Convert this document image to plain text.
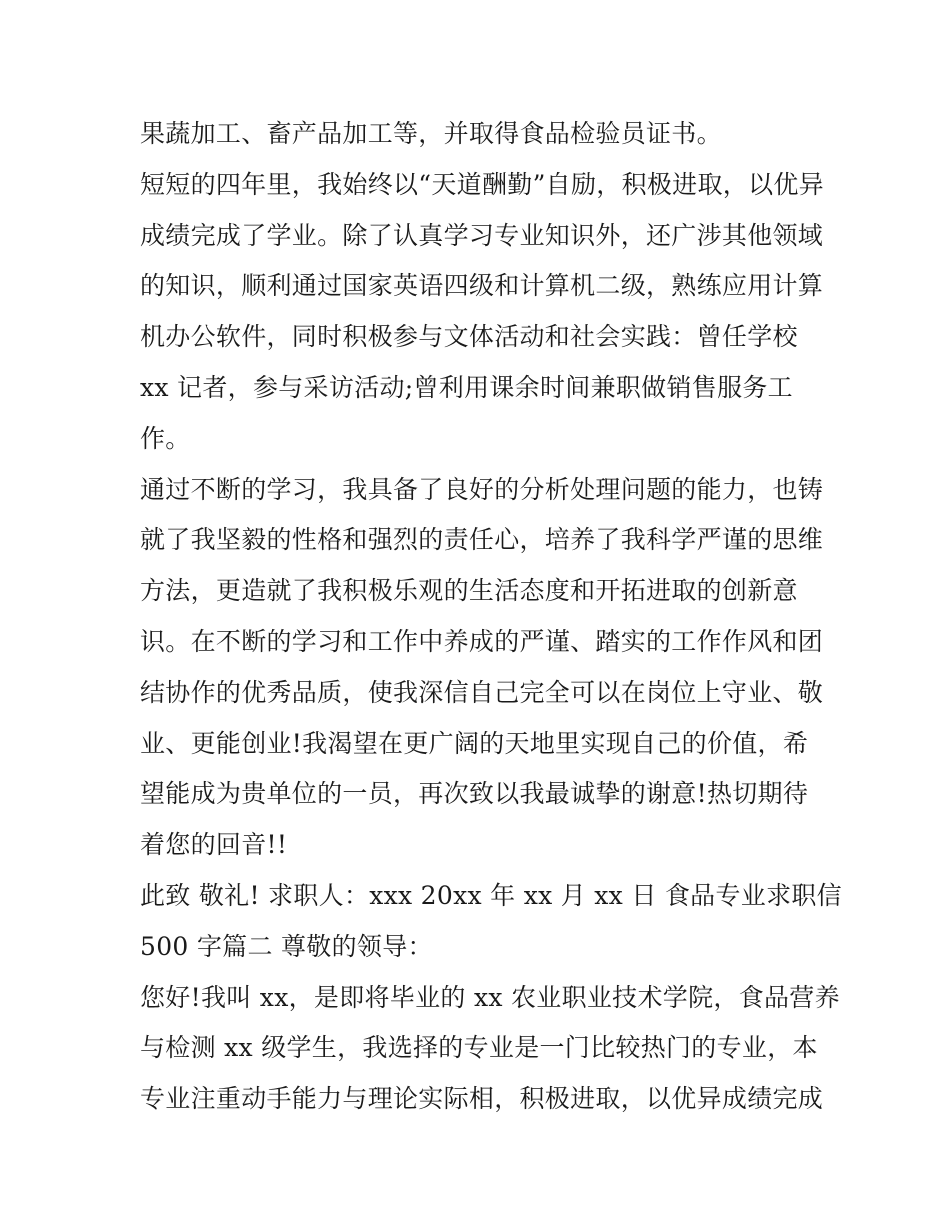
果蔬加工、畜产品加工等，并取得食品检验员证书。
短短的四年里，我始终以“天道酬勤”自励，积极进取，以优异
成绩完成了学业。除了认真学习专业知识外，还广涉其他领域
的知识，顺利通过国家英语四级和计算机二级，熟练应用计算
机办公软件，同时积极参与文体活动和社会实践：曾任学校
xx 记者，参与采访活动;曾利用课余时间兼职做销售服务工
作。
通过不断的学习，我具备了良好的分析处理问题的能力，也铸
就了我坚毅的性格和强烈的责任心，培养了我科学严谨的思维
方法，更造就了我积极乐观的生活态度和开拓进取的创新意
识。在不断的学习和工作中养成的严谨、踏实的工作作风和团
结协作的优秀品质，使我深信自己完全可以在岗位上守业、敬
业、更能创业!我渴望在更广阔的天地里实现自己的价值，希
望能成为贵单位的一员，再次致以我最诚挚的谢意!热切期待
着您的回音!!
此致 敬礼! 求职人：xxx 20xx 年 xx 月 xx 日 食品专业求职信
500 字篇二 尊敬的领导：
您好!我叫 xx，是即将毕业的 xx 农业职业技术学院，食品营养
与检测 xx 级学生，我选择的专业是一门比较热门的专业，本
专业注重动手能力与理论实际相，积极进取，以优异成绩完成
